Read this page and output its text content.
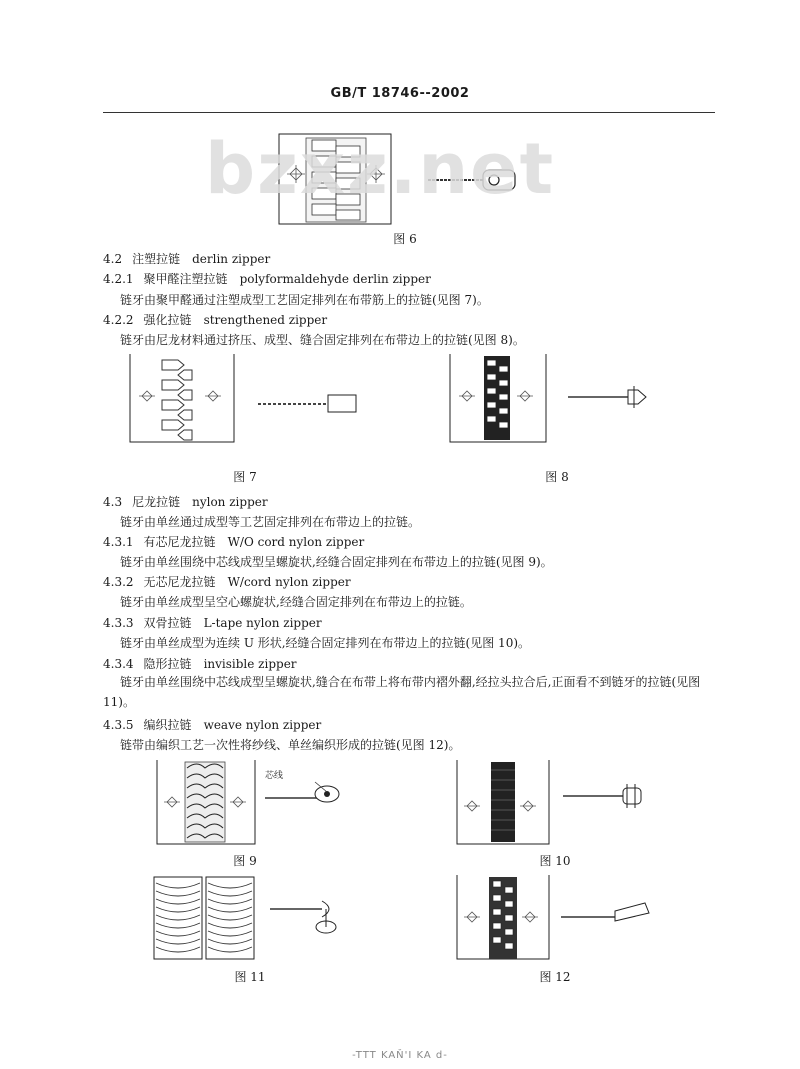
GB/T 18746--2002
bzxz.net
图 6
4.2 注塑拉链 derlin zipper
4.2.1 聚甲醛注塑拉链 polyformaldehyde derlin zipper
链牙由聚甲醛通过注塑成型工艺固定排列在布带筋上的拉链(见图 7)。
4.2.2 强化拉链 strengthened zipper
链牙由尼龙材料通过挤压、成型、缝合固定排列在布带边上的拉链(见图 8)。
图 7	图 8
4.3 尼龙拉链 nylon zipper
链牙由单丝通过成型等工艺固定排列在布带边上的拉链。
4.3.1 有芯尼龙拉链 W/O cord nylon zipper
链牙由单丝围绕中芯线成型呈螺旋状,经缝合固定排列在布带边上的拉链(见图 9)。
4.3.2 无芯尼龙拉链 W/cord nylon zipper
链牙由单丝成型呈空心螺旋状,经缝合固定排列在布带边上的拉链。
4.3.3 双骨拉链 L-tape nylon zipper
链牙由单丝成型为连续 U 形状,经缝合固定排列在布带边上的拉链(见图 10)。
4.3.4 隐形拉链 invisible zipper
链牙由单丝围绕中芯线成型呈螺旋状,缝合在布带上将布带内褶外翻,经拉头拉合后,正面看不到链牙的拉链(见图 11)。
4.3.5 编织拉链 weave nylon zipper
链带由编织工艺一次性将纱线、单丝编织形成的拉链(见图 12)。
芯线
图 9	图 10
图 11	图 12
-TTT KAŇ'I KA d-
